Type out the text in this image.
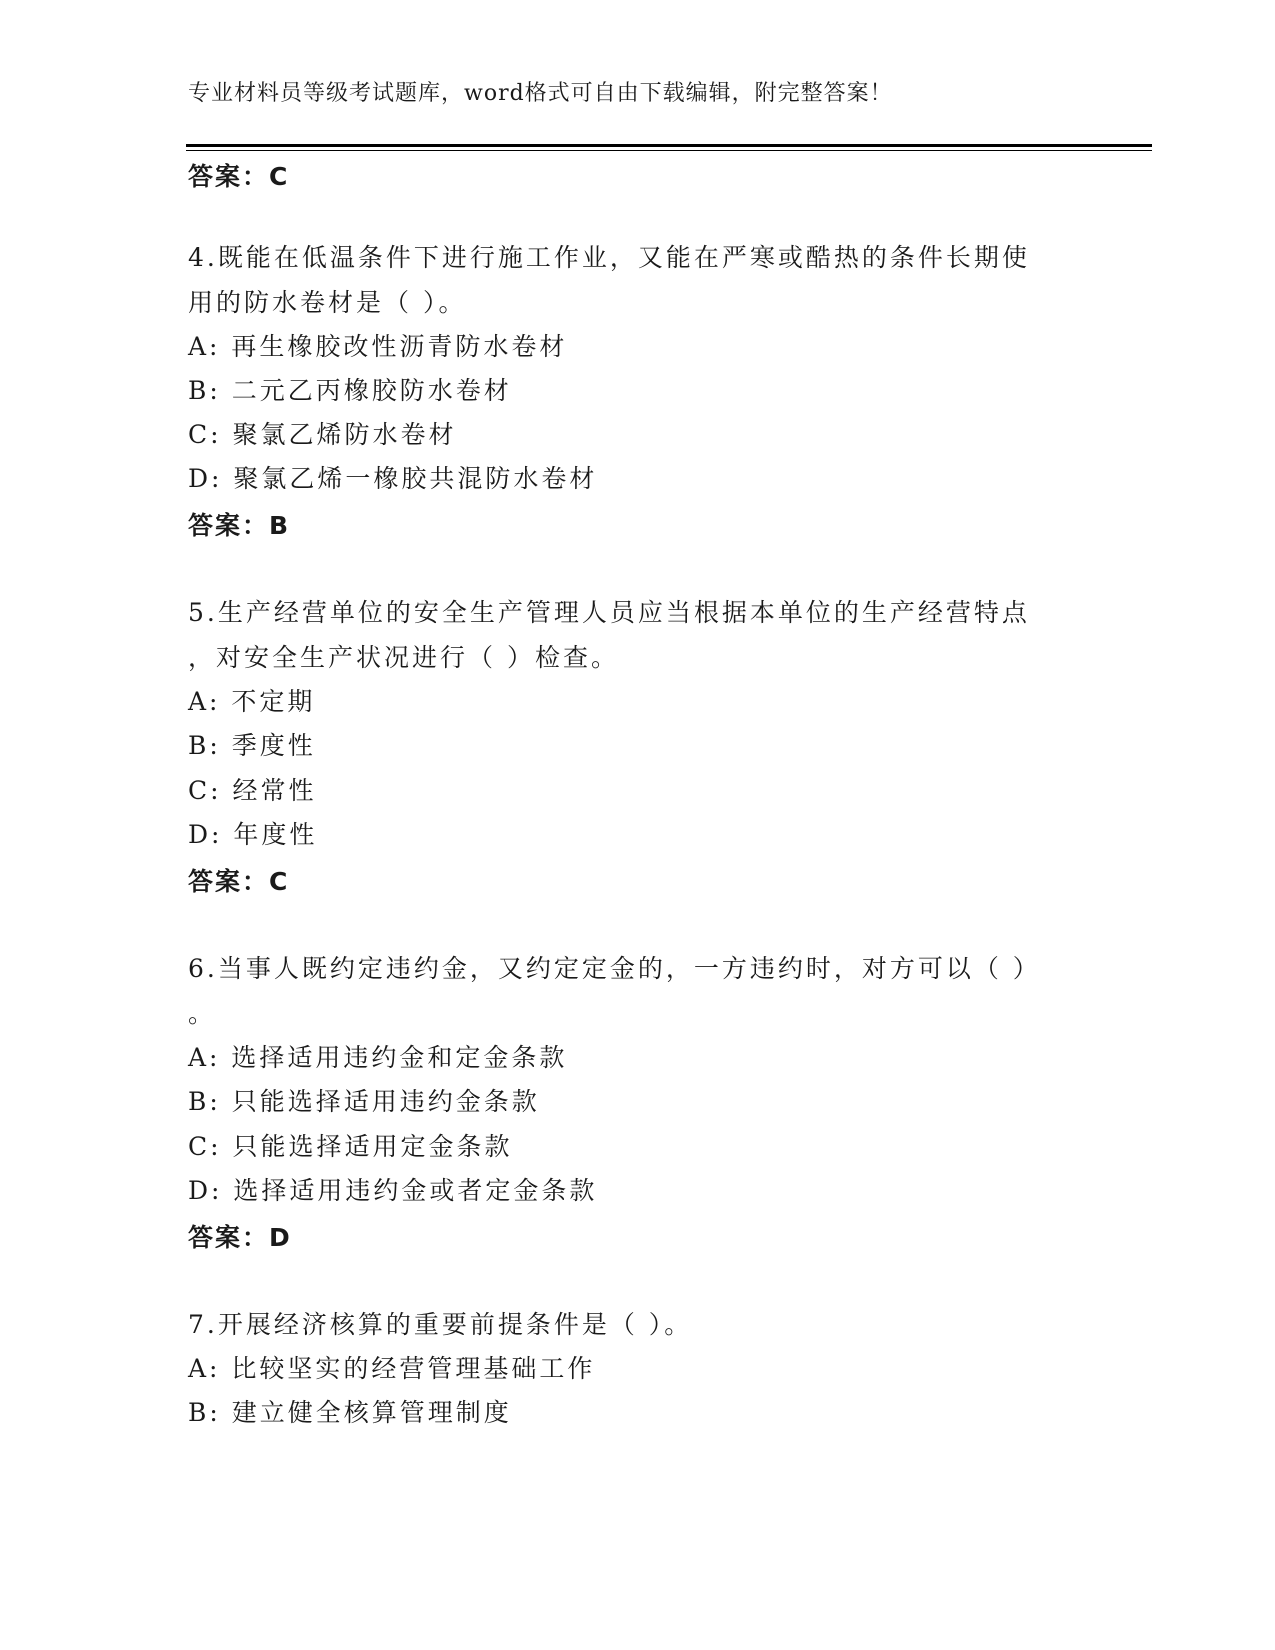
专业材料员等级考试题库，word格式可自由下载编辑，附完整答案！
答案：C
4.既能在低温条件下进行施工作业，又能在严寒或酷热的条件长期使
用的防水卷材是（ ）。
A: 再生橡胶改性沥青防水卷材
B: 二元乙丙橡胶防水卷材
C: 聚氯乙烯防水卷材
D: 聚氯乙烯一橡胶共混防水卷材
答案：B
5.生产经营单位的安全生产管理人员应当根据本单位的生产经营特点
，对安全生产状况进行（ ）检查。
A: 不定期
B: 季度性
C: 经常性
D: 年度性
答案：C
6.当事人既约定违约金，又约定定金的，一方违约时，对方可以（ ）
。
A: 选择适用违约金和定金条款
B: 只能选择适用违约金条款
C: 只能选择适用定金条款
D: 选择适用违约金或者定金条款
答案：D
7.开展经济核算的重要前提条件是（ ）。
A: 比较坚实的经营管理基础工作
B: 建立健全核算管理制度
